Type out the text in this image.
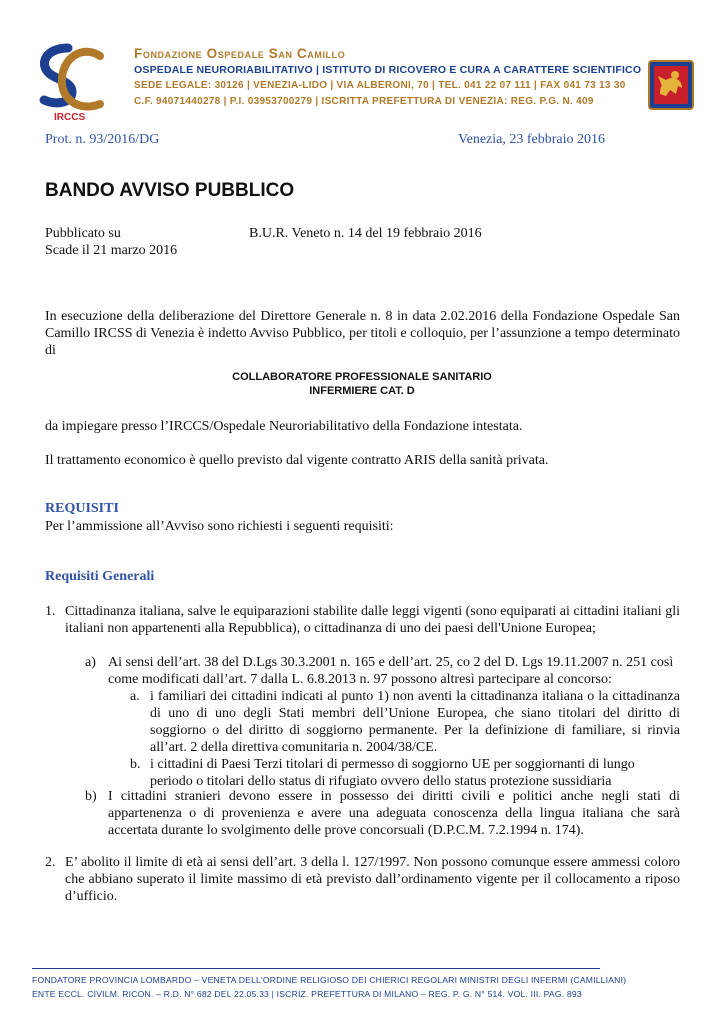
IRCCS
Fondazione Ospedale San Camillo
OSPEDALE NEURORIABILITATIVO | ISTITUTO DI RICOVERO E CURA A CARATTERE SCIENTIFICO
SEDE LEGALE: 30126 | VENEZIA-LIDO | VIA ALBERONI, 70 | TEL. 041 22 07 111 | FAX 041 73 13 30
C.F. 94071440278 | P.I. 03953700279 | ISCRITTA PREFETTURA DI VENEZIA: REG. P.G. N. 409
Prot. n. 93/2016/DG	Venezia, 23 febbraio 2016
BANDO AVVISO PUBBLICO
Pubblicato su	B.U.R. Veneto n. 14 del 19 febbraio 2016
Scade il 21 marzo 2016
In esecuzione della deliberazione del Direttore Generale n. 8 in data 2.02.2016 della Fondazione Ospedale San Camillo IRCSS di Venezia è indetto Avviso Pubblico, per titoli e colloquio, per l’assunzione a tempo determinato di
COLLABORATORE PROFESSIONALE SANITARIO
INFERMIERE CAT. D
da impiegare presso l’IRCCS/Ospedale Neuroriabilitativo della Fondazione intestata.
Il trattamento economico è quello previsto dal vigente contratto ARIS della sanità privata.
REQUISITI
Per l’ammissione all’Avviso sono richiesti i seguenti requisiti:
Requisiti Generali
1. Cittadinanza italiana, salve le equiparazioni stabilite dalle leggi vigenti (sono equiparati ai cittadini italiani gli italiani non appartenenti alla Repubblica), o cittadinanza di uno dei paesi dell'Unione Europea;
a) Ai sensi dell’art. 38 del D.Lgs 30.3.2001 n. 165 e dell’art. 25, co 2 del D. Lgs 19.11.2007 n. 251 così come modificati dall’art. 7 dalla L. 6.8.2013 n. 97 possono altresì partecipare al concorso:
a. i familiari dei cittadini indicati al punto 1) non aventi la cittadinanza italiana o la cittadinanza di uno di uno degli Stati membri dell’Unione Europea, che siano titolari del diritto di soggiorno o del diritto di soggiorno permanente. Per la definizione di familiare, si rinvia all’art. 2 della direttiva comunitaria n. 2004/38/CE.
b. i cittadini di Paesi Terzi titolari di permesso di soggiorno UE per soggiornanti di lungo periodo o titolari dello status di rifugiato ovvero dello status protezione sussidiaria
b) I cittadini stranieri devono essere in possesso dei diritti civili e politici anche negli stati di appartenenza o di provenienza e avere una adeguata conoscenza della lingua italiana che sarà accertata durante lo svolgimento delle prove concorsuali (D.P.C.M. 7.2.1994 n. 174).
2. E’ abolito il limite di età ai sensi dell’art. 3 della l. 127/1997. Non possono comunque essere ammessi coloro che abbiano superato il limite massimo di età previsto dall’ordinamento vigente per il collocamento a riposo d’ufficio.
FONDATORE PROVINCIA LOMBARDO – VENETA DELL'ORDINE RELIGIOSO DEI CHIERICI REGOLARI MINISTRI DEGLI INFERMI (CAMILLIANI)
ENTE ECCL. CIVILM. RICON. – R.D. N° 682 DEL 22.05.33 | ISCRIZ. PREFETTURA DI MILANO – REG. P. G. N° 514. VOL. III. PAG. 893
